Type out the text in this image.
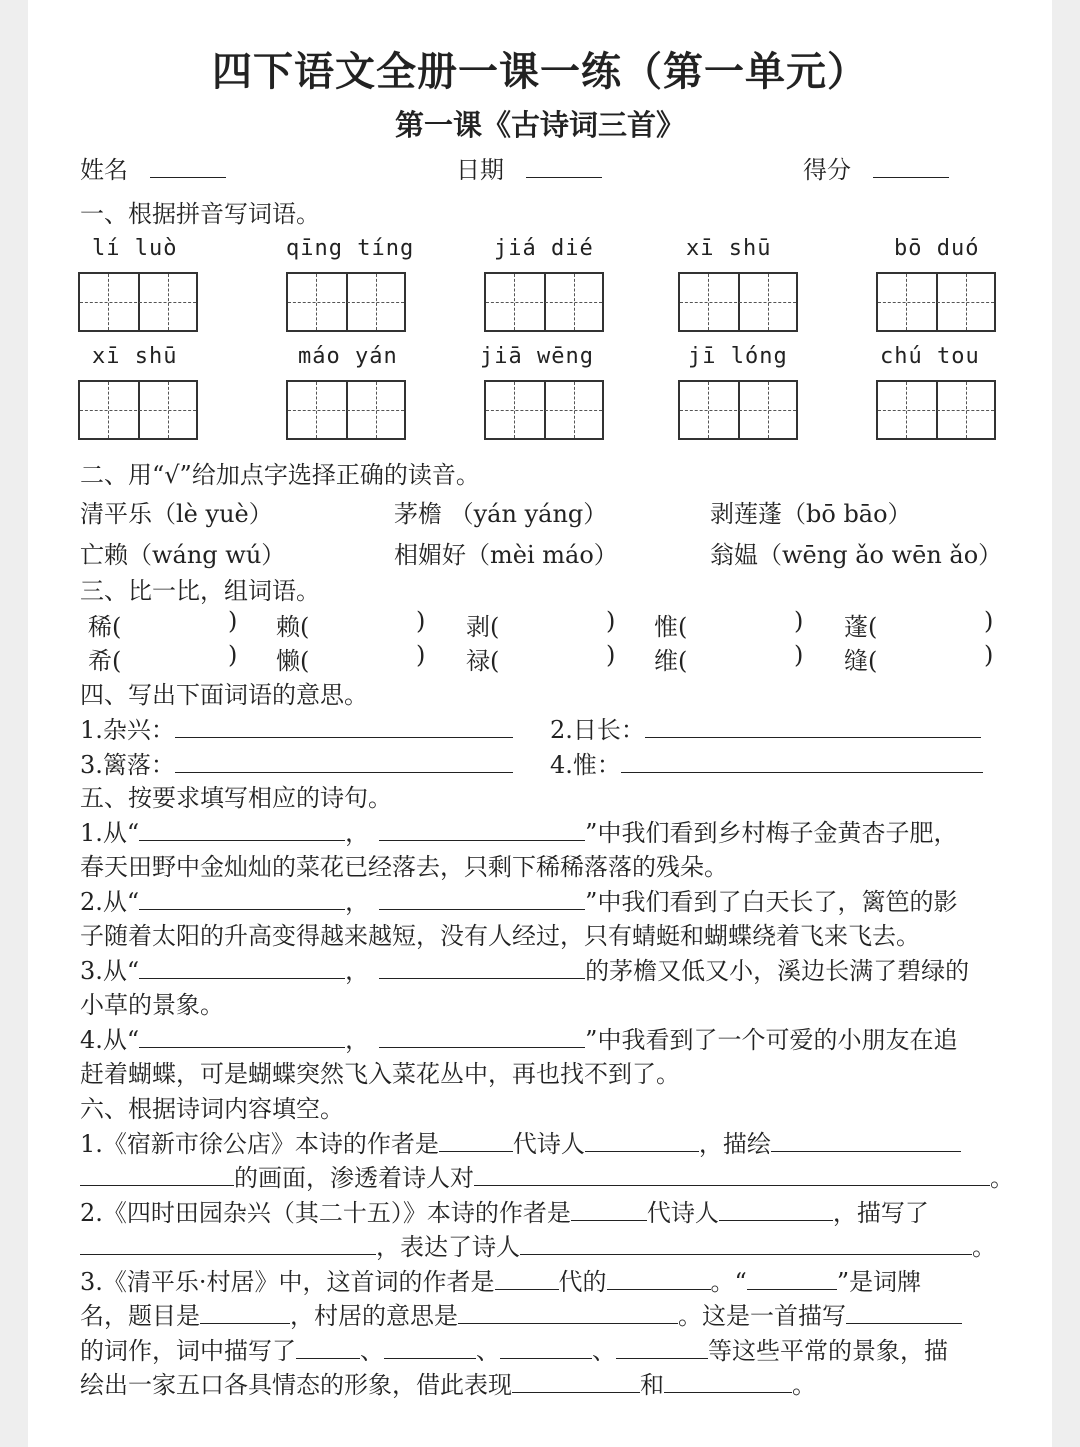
四下语文全册一课一练（第一单元）
第一课《古诗词三首》
姓名	日期	得分
一、根据拼音写词语。
lí luò	qīng tíng	jiá dié	xī shū	bō duó
xī shū	máo yán	jiā wēng	jī lóng	chú tou
二、用“√”给加点字选择正确的读音。
清平乐（lè yuè）	茅檐 （yán yáng）	剥莲蓬（bō bāo）
亡赖（wáng wú）	相媚好（mèi máo）	翁媪（wēng ǎo wēn ǎo）
三、比一比，组词语。
稀(	) 赖(	) 剥(	) 惟(	) 蓬(	)
希(	) 懒(	) 禄(	) 维(	) 缝(	)
四、写出下面词语的意思。
1.杂兴：	2.日长：
3.篱落：	4.惟：
五、按要求填写相应的诗句。
1.从“	，	”中我们看到乡村梅子金黄杏子肥，
春天田野中金灿灿的菜花已经落去，只剩下稀稀落落的残朵。
2.从“	，	”中我们看到了白天长了，篱笆的影
子随着太阳的升高变得越来越短，没有人经过，只有蜻蜓和蝴蝶绕着飞来飞去。
3.从“	，	的茅檐又低又小，溪边长满了碧绿的
小草的景象。
4.从“	，	”中我看到了一个可爱的小朋友在追
赶着蝴蝶，可是蝴蝶突然飞入菜花丛中，再也找不到了。
六、根据诗词内容填空。
1.《宿新市徐公店》本诗的作者是	代诗人	，描绘
的画面，渗透着诗人对	。
2.《四时田园杂兴（其二十五）》本诗的作者是	代诗人	，描写了
，表达了诗人	。
3.《清平乐·村居》中，这首词的作者是	代的	。“	”是词牌
名，题目是	，村居的意思是	。这是一首描写
的词作，词中描写了	、	、	、	等这些平常的景象，描
绘出一家五口各具情态的形象，借此表现	和	。
